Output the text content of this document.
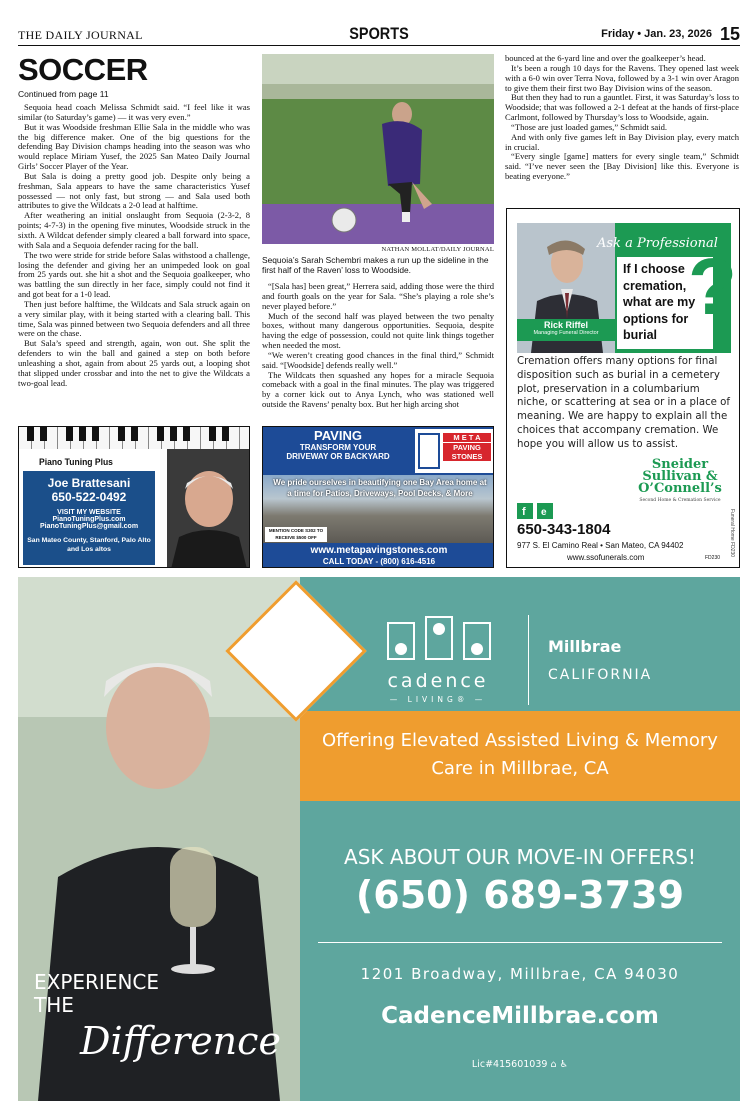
THE DAILY JOURNAL	SPORTS	Friday • Jan. 23, 2026 15
SOCCER
Continued from page 11

Sequoia head coach Melissa Schmidt said. “I feel like it was similar (to Saturday’s game) — it was very even.”

But it was Woodside freshman Ellie Sala in the middle who was the big difference maker. One of the big questions for the defending Bay Division champs heading into the season was who would replace Miriam Yusef, the 2025 San Mateo Daily Journal Girls’ Soccer Player of the Year.

But Sala is doing a pretty good job. Despite only being a freshman, Sala appears to have the same characteristics Yusef possessed — not only fast, but strong — and Sala used both attributes to give the Wildcats a 2-0 lead at halftime.

After weathering an initial onslaught from Sequoia (2-3-2, 8 points; 4-7-3) in the opening five minutes, Woodside struck in the sixth. A Wildcat defender simply cleared a ball forward into space, with Sala and a Sequoia defender racing for the ball.

The two were stride for stride before Salas withstood a challenge, losing the defender and giving her an unimpeded look on goal from 25 yards out. she hit a shot and the Sequoia goalkeeper, who was battling the sun directly in her face, simply could not find it and got beat for a 1-0 lead.

Then just before halftime, the Wildcats and Sala struck again on a very similar play, with it being started with a clearing ball. This time, Sala was pinned between two Sequoia defenders and all three were on the chase.

But Sala’s speed and strength, again, won out. She split the defenders to win the ball and gained a step on both before unleashing a shot, again from about 25 yards out, a looping shot that slipped under crossbar and into the net to give the Wildcats a two-goal lead.

NATHAN MOLLAT/DAILY JOURNAL
Sequoia’s Sarah Schembri makes a run up the sideline in the first half of the Raven’ loss to Woodside.

“[Sala has] been great,” Herrera said, adding those were the third and fourth goals on the year for Sala. “She’s playing a role she’s never played before.”

Much of the second half was played between the two penalty boxes, without many dangerous opportunities. Sequoia, despite having the edge of possession, could not quite link things together when needed the most.

“We weren’t creating good chances in the final third,” Schmidt said. “[Woodside] defends really well.”

The Wildcats then squashed any hopes for a miracle Sequoia comeback with a goal in the final minutes. The play was triggered by a corner kick out to Anya Lynch, who was stationed well outside the Ravens’ penalty box. But her high arcing shot

bounced at the 6-yard line and over the goalkeeper’s head.

It’s been a rough 10 days for the Ravens. They opened last week with a 6-0 win over Terra Nova, followed by a 3-1 win over Aragon to give them their first two Bay Division wins of the season.

But then they had to run a gauntlet. First, it was Saturday’s loss to Woodside; that was followed a 2-1 defeat at the hands of first-place Carlmont, followed by Thursday’s loss to Woodside, again.

“Those are just loaded games,” Schmidt said.

And with only five games left in Bay Division play, every match in crucial.

“Every single [game] matters for every single team,” Schmidt said. “I’ve never seen the [Bay Division] like this. Everyone is beating everyone.”

Rick Riffel
Managing Funeral Director
Ask a Professional
If I choose cremation, what are my options for burial
?
Cremation offers many options for final disposition such as burial in a cemetery plot, preservation in a columbarium niche, or scattering at sea or in a place of meaning. We are happy to explain all the choices that accompany cremation. We hope you will allow us to assist.
Sneider Sullivan & O’Connell’s
Second Home & Cremation Service
f e
650-343-1804
977 S. El Camino Real • San Mateo, CA 94402
www.ssofunerals.com	FD230
Funeral Home FD230
Piano Tuning Plus
Joe Brattesani
650-522-0492
VISIT MY WEBSITE
PianoTuningPlus.com
PianoTuningPlus@gmail.com
San Mateo County, Stanford, Palo Alto and Los altos
PAVING
TRANSFORM YOUR
DRIVEWAY OR BACKYARD
M E T A
PAVING STONES
We pride ourselves in beautifying one Bay Area home at a time for Patios, Driveways, Pool Decks, & More
MENTION CODE S302 TO RECEIVE $500 OFF
www.metapavingstones.com
CALL TODAY - (800) 616-4516
cadence
— LIVING® —
Millbrae
CALIFORNIA
Offering Elevated Assisted Living & Memory Care in Millbrae, CA
ASK ABOUT OUR MOVE-IN OFFERS!
(650) 689-3739
1201 Broadway, Millbrae, CA 94030
CadenceMillbrae.com
Lic#415601039 ⌂ ♿
EXPERIENCE
THE
Difference
